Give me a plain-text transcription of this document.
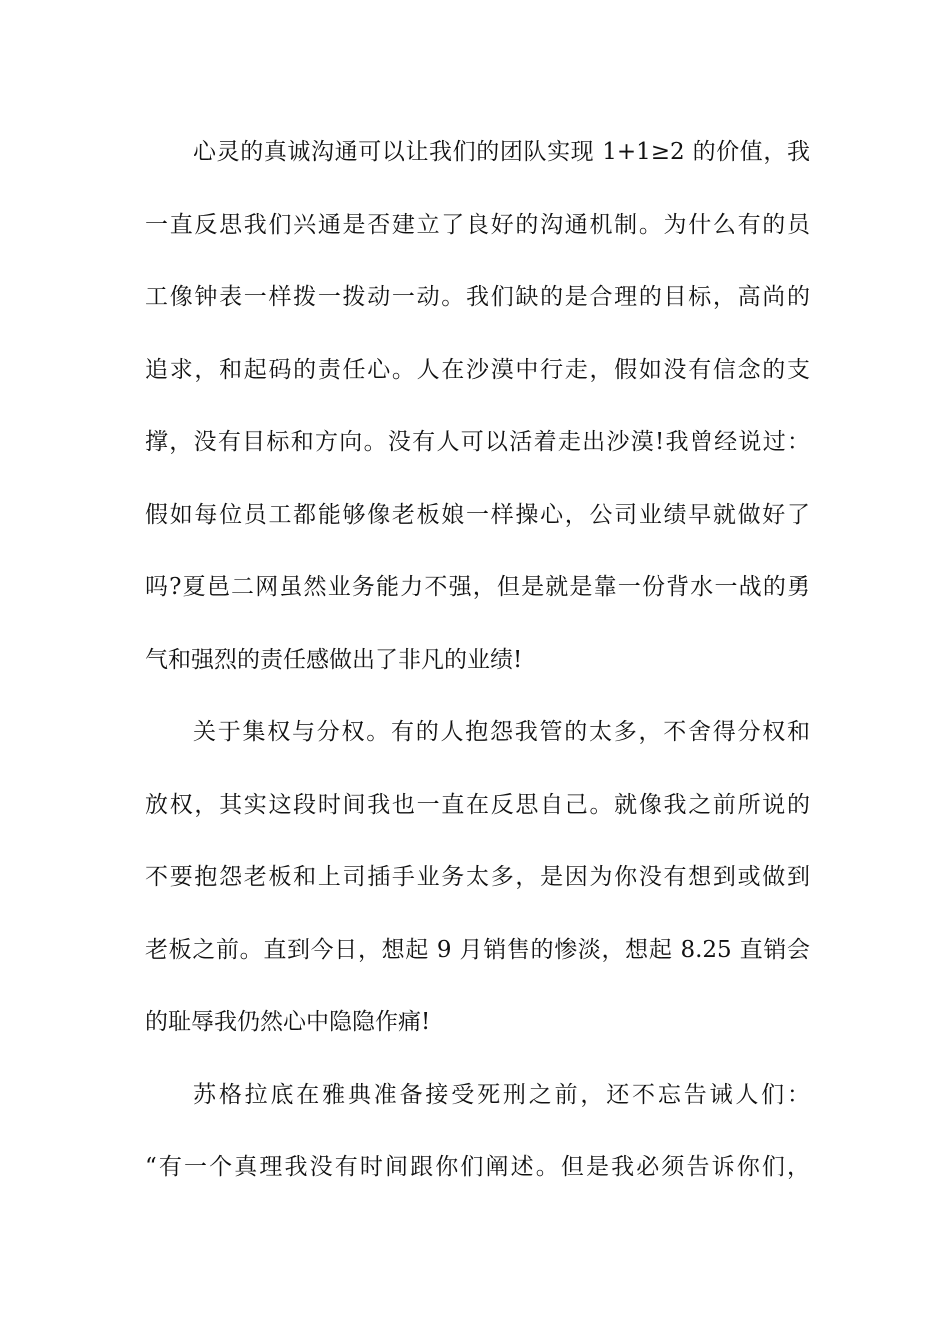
心灵的真诚沟通可以让我们的团队实现 1+1≥2 的价值，我
一直反思我们兴通是否建立了良好的沟通机制。为什么有的员
工像钟表一样拨一拨动一动。我们缺的是合理的目标，高尚的
追求，和起码的责任心。人在沙漠中行走，假如没有信念的支
撑，没有目标和方向。没有人可以活着走出沙漠!我曾经说过：
假如每位员工都能够像老板娘一样操心，公司业绩早就做好了
吗?夏邑二网虽然业务能力不强，但是就是靠一份背水一战的勇
气和强烈的责任感做出了非凡的业绩!
关于集权与分权。有的人抱怨我管的太多，不舍得分权和
放权，其实这段时间我也一直在反思自己。就像我之前所说的
不要抱怨老板和上司插手业务太多，是因为你没有想到或做到
老板之前。直到今日，想起 9 月销售的惨淡，想起 8.25 直销会
的耻辱我仍然心中隐隐作痛!
苏格拉底在雅典准备接受死刑之前，还不忘告诫人们：
“有一个真理我没有时间跟你们阐述。但是我必须告诉你们，
